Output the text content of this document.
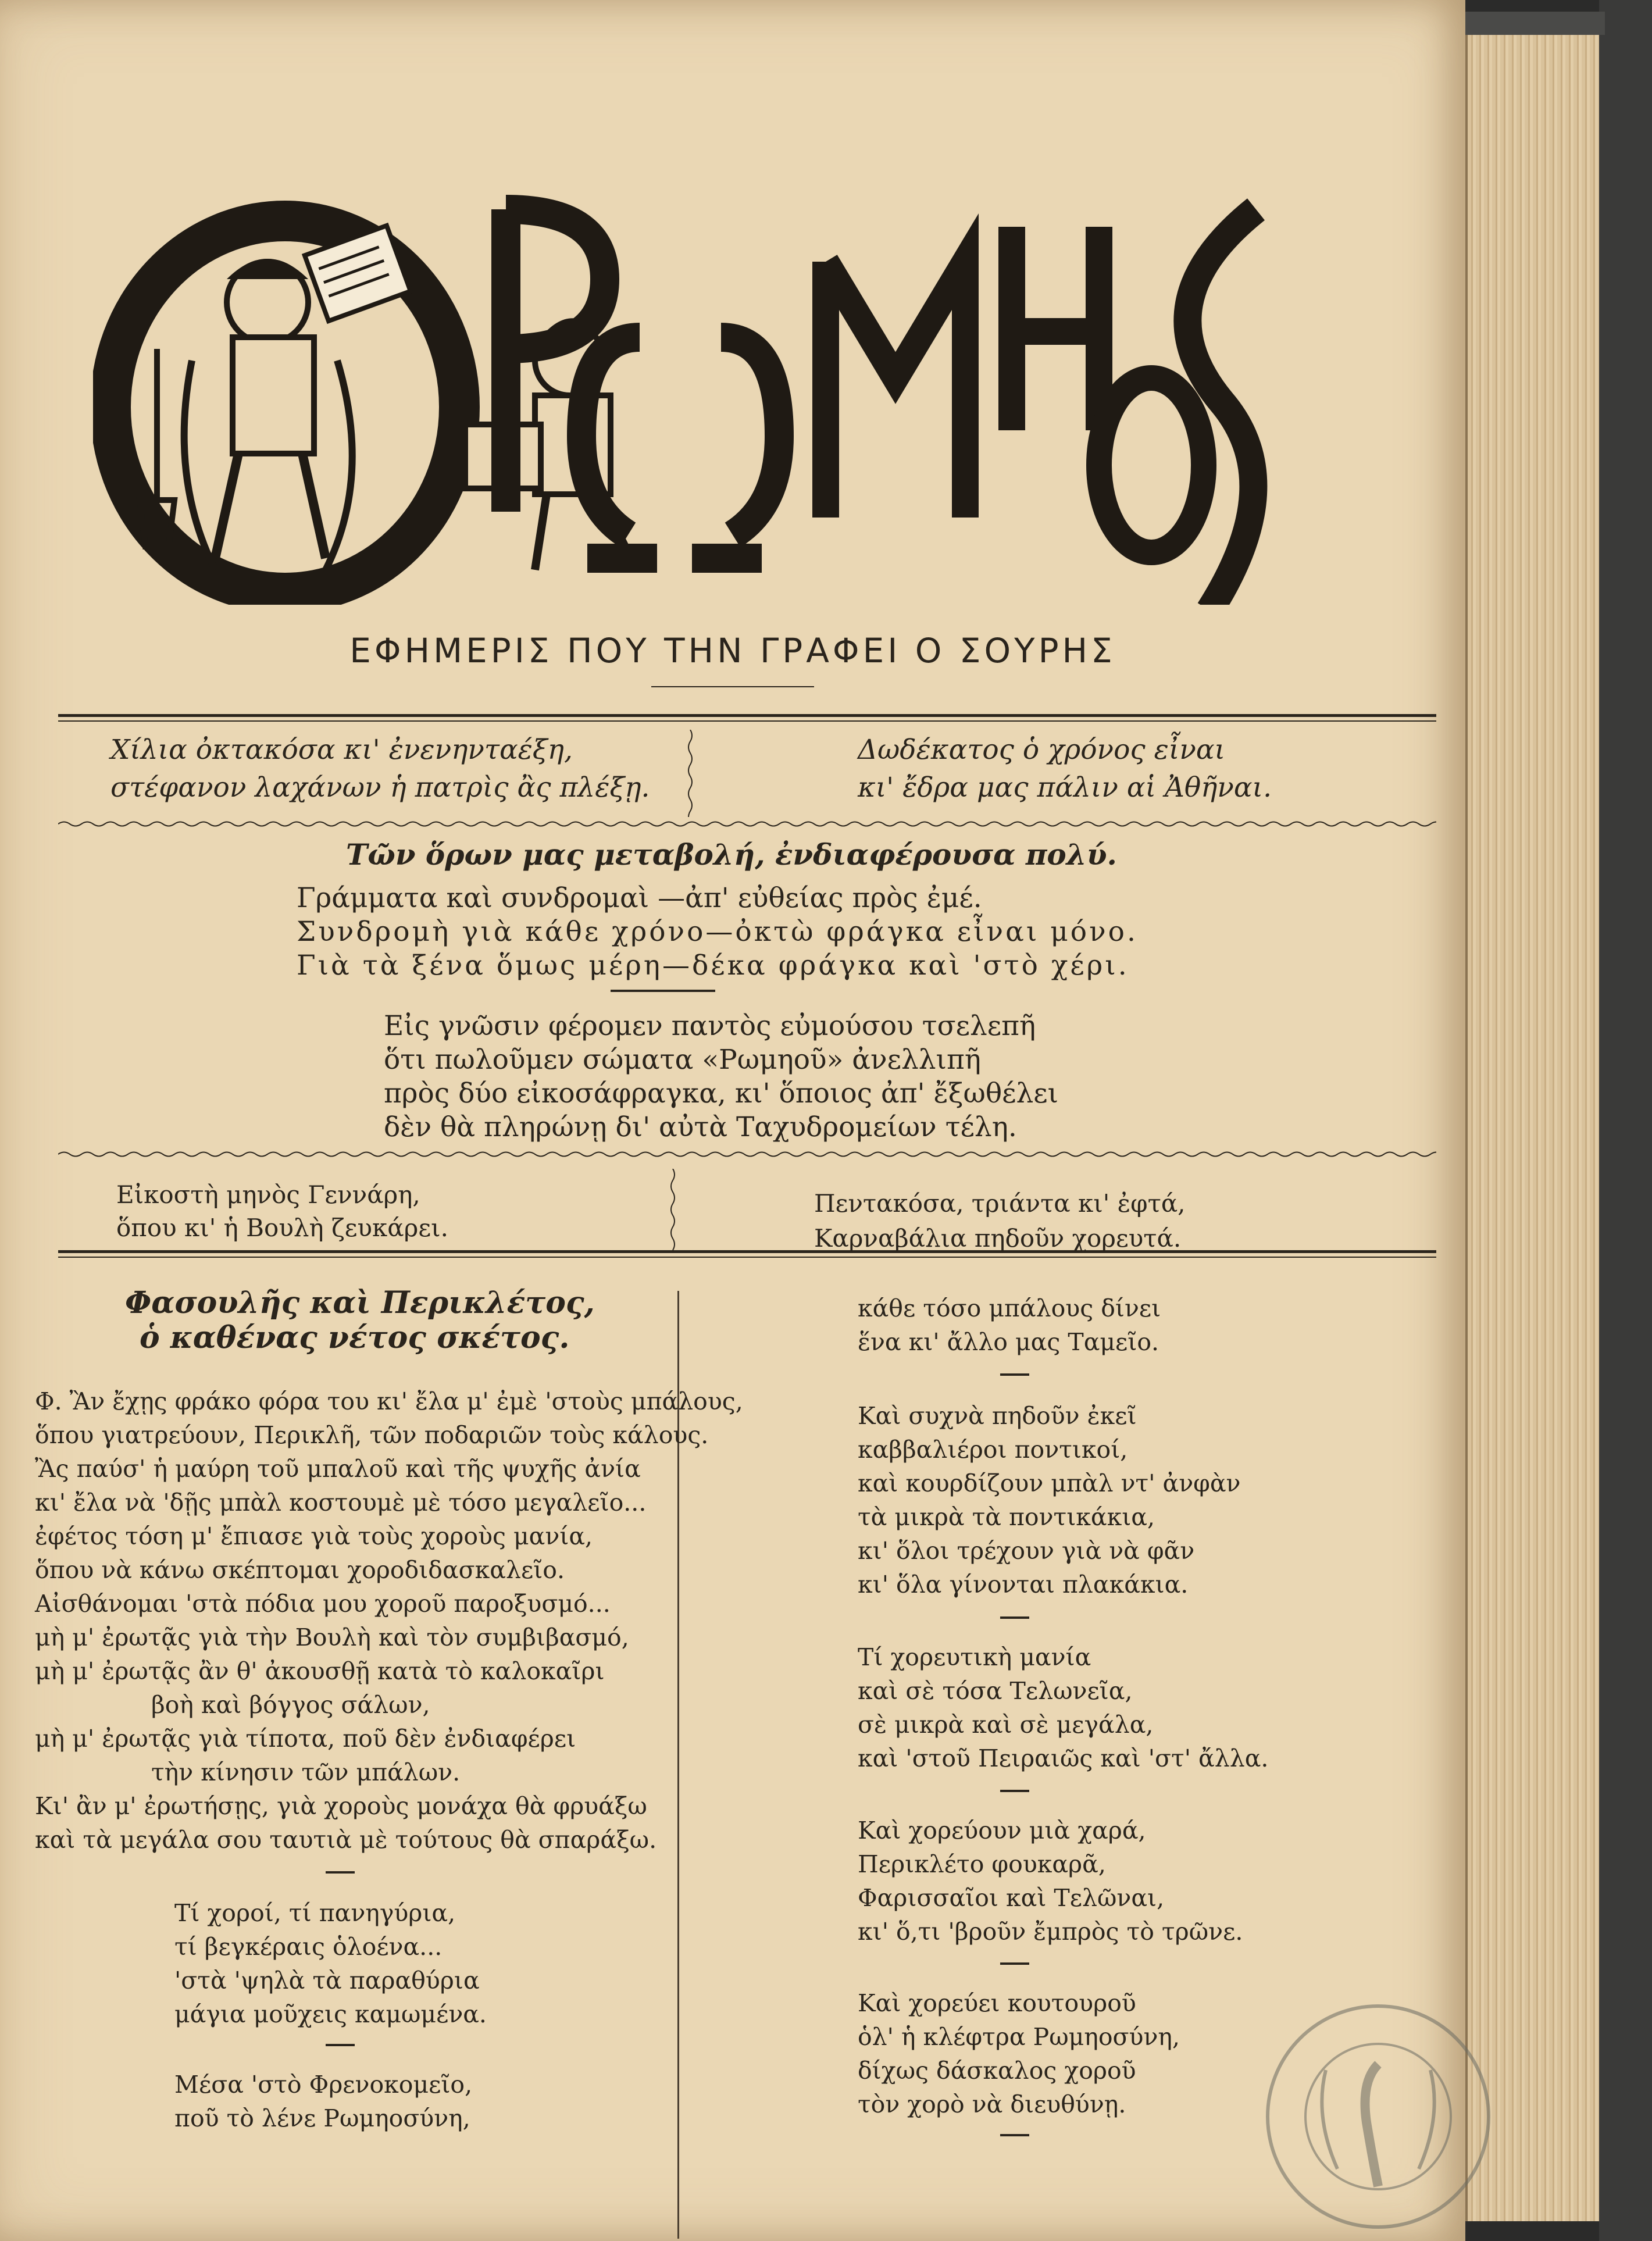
ΕΦΗΜΕΡΙΣ ΠΟΥ ΤΗΝ ΓΡΑΦΕΙ Ο ΣΟΥΡΗΣ
Χίλια ὀκτακόσα κι' ἐνενηνταέξη,
στέφανον λαχάνων ἡ πατρὶς ἂς πλέξῃ.
Δωδέκατος ὁ χρόνος εἶναι
κι' ἔδρα μας πάλιν αἱ Ἀθῆναι.
Τῶν ὅρων μας μεταβολή, ἐνδιαφέρουσα πολύ.
Γράμματα καὶ συνδρομαὶ —ἀπ' εὐθείας πρὸς ἐμέ.
Συνδρομὴ γιὰ κάθε χρόνο—ὀκτὼ φράγκα εἶναι μόνο.
Γιὰ τὰ ξένα ὅμως μέρη—δέκα φράγκα καὶ 'στὸ χέρι.
Εἰς γνῶσιν φέρομεν παντὸς εὐμούσου τσελεπῆ
ὅτι πωλοῦμεν σώματα «Ρωμηοῦ» ἀνελλιπῆ
πρὸς δύο εἰκοσάφραγκα, κι' ὅποιος ἀπ' ἔξωθέλει
δὲν θὰ πληρώνῃ δι' αὐτὰ Ταχυδρομείων τέλη.
Εἰκοστὴ μηνὸς Γεννάρη,
ὅπου κι' ἡ Βουλὴ ζευκάρει.
Πεντακόσα, τριάντα κι' ἐφτά,
Καρναβάλια πηδοῦν χορευτά.
Φασουλῆς καὶ Περικλέτος,
ὁ καθένας νέτος σκέτος.
Φ. Ἂν ἔχῃς φράκο φόρα του κι' ἔλα μ' ἐμὲ 'στοὺς μπάλους,
ὅπου γιατρεύουν, Περικλῆ, τῶν ποδαριῶν τοὺς κάλους.
Ἂς παύσ' ἡ μαύρη τοῦ μπαλοῦ καὶ τῆς ψυχῆς ἀνία
κι' ἔλα νὰ 'δῇς μπὰλ κοστουμὲ μὲ τόσο μεγαλεῖο...
ἐφέτος τόση μ' ἔπιασε γιὰ τοὺς χοροὺς μανία,
ὅπου νὰ κάνω σκέπτομαι χοροδιδασκαλεῖο.
Αἰσθάνομαι 'στὰ πόδια μου χοροῦ παροξυσμό...
μὴ μ' ἐρωτᾷς γιὰ τὴν Βουλὴ καὶ τὸν συμβιβασμό,
μὴ μ' ἐρωτᾷς ἂν θ' ἀκουσθῇ κατὰ τὸ καλοκαῖρι
βοὴ καὶ βόγγος σάλων,
μὴ μ' ἐρωτᾷς γιὰ τίποτα, ποῦ δὲν ἐνδιαφέρει
τὴν κίνησιν τῶν μπάλων.
Κι' ἂν μ' ἐρωτήσῃς, γιὰ χοροὺς μονάχα θὰ φρυάξω
καὶ τὰ μεγάλα σου ταυτιὰ μὲ τούτους θὰ σπαράξω.
Τί χοροί, τί πανηγύρια,
τί βεγκέραις ὁλοένα...
'στὰ 'ψηλὰ τὰ παραθύρια
μάγια μοῦχεις καμωμένα.
Μέσα 'στὸ Φρενοκομεῖο,
ποῦ τὸ λένε Ρωμηοσύνη,
κάθε τόσο μπάλους δίνει
ἕνα κι' ἄλλο μας Ταμεῖο.
Καὶ συχνὰ πηδοῦν ἐκεῖ
καββαλιέροι ποντικοί,
καὶ κουρδίζουν μπὰλ ντ' ἀνφὰν
τὰ μικρὰ τὰ ποντικάκια,
κι' ὅλοι τρέχουν γιὰ νὰ φᾶν
κι' ὅλα γίνονται πλακάκια.
Τί χορευτικὴ μανία
καὶ σὲ τόσα Τελωνεῖα,
σὲ μικρὰ καὶ σὲ μεγάλα,
καὶ 'στοῦ Πειραιῶς καὶ 'στ' ἄλλα.
Καὶ χορεύουν μιὰ χαρά,
Περικλέτο φουκαρᾶ,
Φαρισσαῖοι καὶ Τελῶναι,
κι' ὅ,τι 'βροῦν ἔμπρὸς τὸ τρῶνε.
Καὶ χορεύει κουτουροῦ
ὁλ' ἡ κλέφτρα Ρωμηοσύνη,
δίχως δάσκαλος χοροῦ
τὸν χορὸ νὰ διευθύνῃ.
